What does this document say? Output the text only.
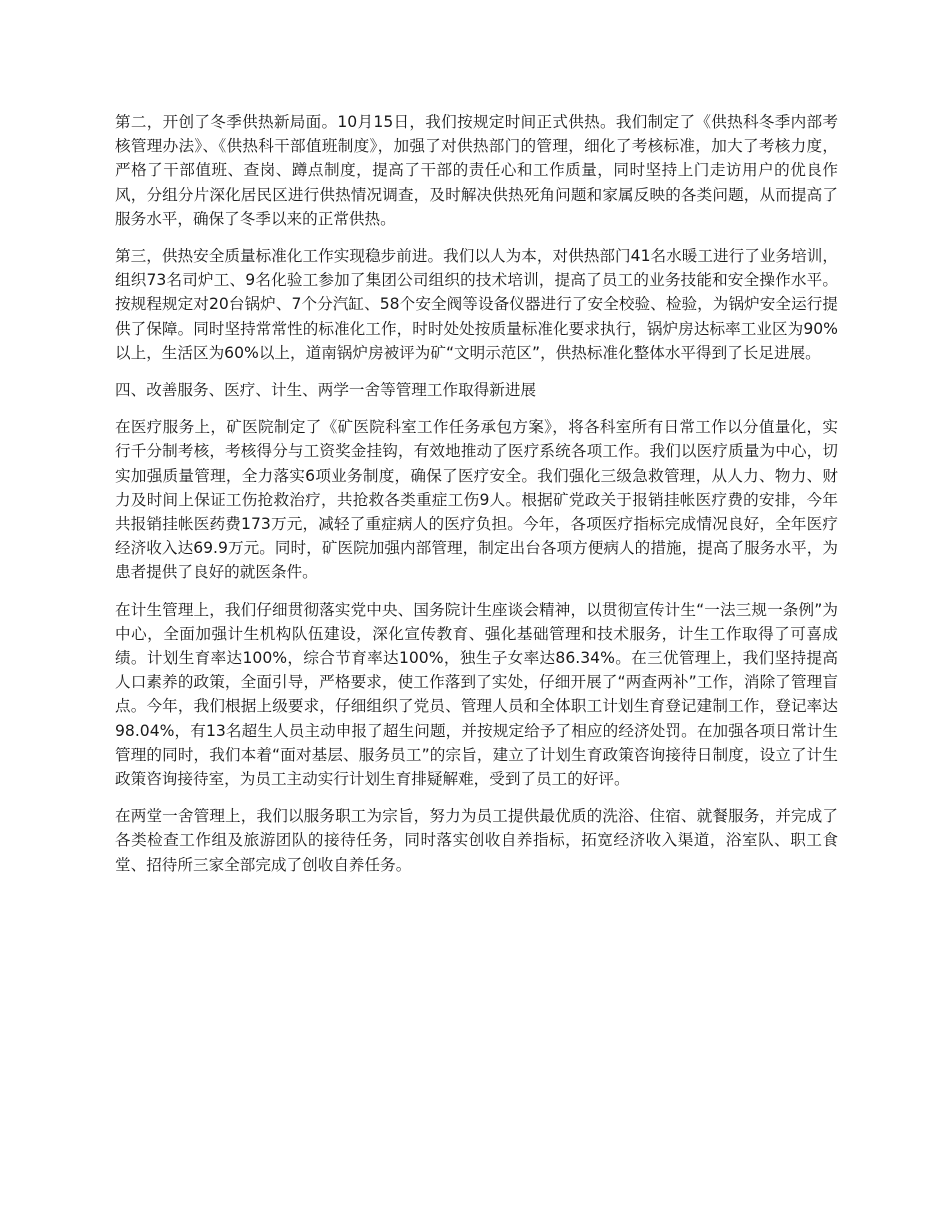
第二，开创了冬季供热新局面。10月15日，我们按规定时间正式供热。我们制定了《供热科冬季内部考核管理办法》、《供热科干部值班制度》，加强了对供热部门的管理，细化了考核标准，加大了考核力度，严格了干部值班、查岗、蹲点制度，提高了干部的责任心和工作质量，同时坚持上门走访用户的优良作风，分组分片深化居民区进行供热情况调查，及时解决供热死角问题和家属反映的各类问题，从而提高了服务水平，确保了冬季以来的正常供热。

第三，供热安全质量标准化工作实现稳步前进。我们以人为本，对供热部门41名水暖工进行了业务培训，组织73名司炉工、9名化验工参加了集团公司组织的技术培训，提高了员工的业务技能和安全操作水平。按规程规定对20台锅炉、7个分汽缸、58个安全阀等设备仪器进行了安全校验、检验，为锅炉安全运行提供了保障。同时坚持常常性的标准化工作，时时处处按质量标准化要求执行，锅炉房达标率工业区为90%以上，生活区为60%以上，道南锅炉房被评为矿“文明示范区”，供热标准化整体水平得到了长足进展。

四、改善服务、医疗、计生、两学一舍等管理工作取得新进展

在医疗服务上，矿医院制定了《矿医院科室工作任务承包方案》，将各科室所有日常工作以分值量化，实行千分制考核，考核得分与工资奖金挂钩，有效地推动了医疗系统各项工作。我们以医疗质量为中心，切实加强质量管理，全力落实6项业务制度，确保了医疗安全。我们强化三级急救管理，从人力、物力、财力及时间上保证工伤抢救治疗，共抢救各类重症工伤9人。根据矿党政关于报销挂帐医疗费的安排，今年共报销挂帐医药费173万元，减轻了重症病人的医疗负担。今年，各项医疗指标完成情况良好，全年医疗经济收入达69.9万元。同时，矿医院加强内部管理，制定出台各项方便病人的措施，提高了服务水平，为患者提供了良好的就医条件。

在计生管理上，我们仔细贯彻落实党中央、国务院计生座谈会精神，以贯彻宣传计生“一法三规一条例”为中心，全面加强计生机构队伍建设，深化宣传教育、强化基础管理和技术服务，计生工作取得了可喜成绩。计划生育率达100%，综合节育率达100%，独生子女率达86.34%。在三优管理上，我们坚持提高人口素养的政策，全面引导，严格要求，使工作落到了实处，仔细开展了“两查两补”工作，消除了管理盲点。今年，我们根据上级要求，仔细组织了党员、管理人员和全体职工计划生育登记建制工作，登记率达98.04%，有13名超生人员主动申报了超生问题，并按规定给予了相应的经济处罚。在加强各项日常计生管理的同时，我们本着“面对基层、服务员工”的宗旨，建立了计划生育政策咨询接待日制度，设立了计生政策咨询接待室，为员工主动实行计划生育排疑解难，受到了员工的好评。

在两堂一舍管理上，我们以服务职工为宗旨，努力为员工提供最优质的洗浴、住宿、就餐服务，并完成了各类检查工作组及旅游团队的接待任务，同时落实创收自养指标，拓宽经济收入渠道，浴室队、职工食堂、招待所三家全部完成了创收自养任务。
